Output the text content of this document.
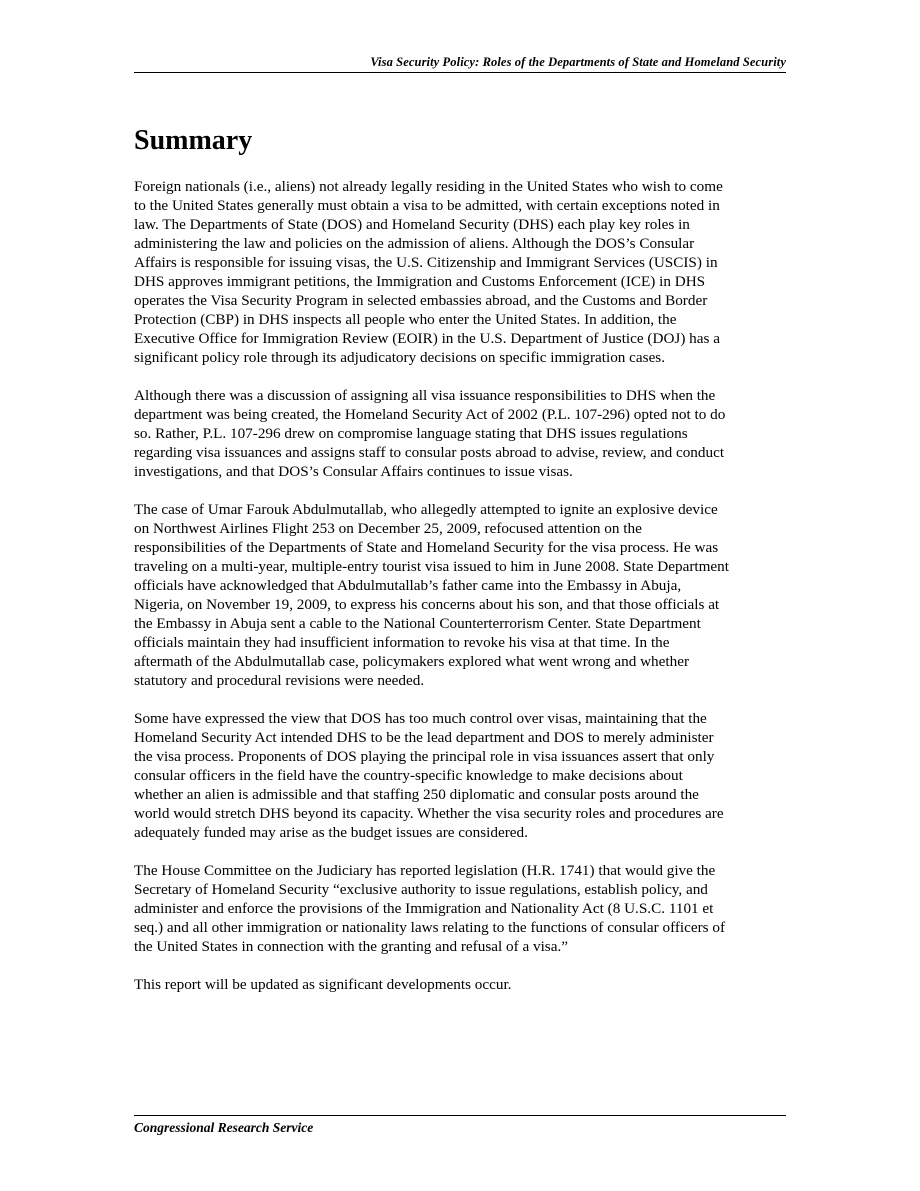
Visa Security Policy: Roles of the Departments of State and Homeland Security
Summary

Foreign nationals (i.e., aliens) not already legally residing in the United States who wish to come
to the United States generally must obtain a visa to be admitted, with certain exceptions noted in
law. The Departments of State (DOS) and Homeland Security (DHS) each play key roles in
administering the law and policies on the admission of aliens. Although the DOS’s Consular
Affairs is responsible for issuing visas, the U.S. Citizenship and Immigrant Services (USCIS) in
DHS approves immigrant petitions, the Immigration and Customs Enforcement (ICE) in DHS
operates the Visa Security Program in selected embassies abroad, and the Customs and Border
Protection (CBP) in DHS inspects all people who enter the United States. In addition, the
Executive Office for Immigration Review (EOIR) in the U.S. Department of Justice (DOJ) has a
significant policy role through its adjudicatory decisions on specific immigration cases.

Although there was a discussion of assigning all visa issuance responsibilities to DHS when the
department was being created, the Homeland Security Act of 2002 (P.L. 107-296) opted not to do
so. Rather, P.L. 107-296 drew on compromise language stating that DHS issues regulations
regarding visa issuances and assigns staff to consular posts abroad to advise, review, and conduct
investigations, and that DOS’s Consular Affairs continues to issue visas.

The case of Umar Farouk Abdulmutallab, who allegedly attempted to ignite an explosive device
on Northwest Airlines Flight 253 on December 25, 2009, refocused attention on the
responsibilities of the Departments of State and Homeland Security for the visa process. He was
traveling on a multi-year, multiple-entry tourist visa issued to him in June 2008. State Department
officials have acknowledged that Abdulmutallab’s father came into the Embassy in Abuja,
Nigeria, on November 19, 2009, to express his concerns about his son, and that those officials at
the Embassy in Abuja sent a cable to the National Counterterrorism Center. State Department
officials maintain they had insufficient information to revoke his visa at that time. In the
aftermath of the Abdulmutallab case, policymakers explored what went wrong and whether
statutory and procedural revisions were needed.

Some have expressed the view that DOS has too much control over visas, maintaining that the
Homeland Security Act intended DHS to be the lead department and DOS to merely administer
the visa process. Proponents of DOS playing the principal role in visa issuances assert that only
consular officers in the field have the country-specific knowledge to make decisions about
whether an alien is admissible and that staffing 250 diplomatic and consular posts around the
world would stretch DHS beyond its capacity. Whether the visa security roles and procedures are
adequately funded may arise as the budget issues are considered.

The House Committee on the Judiciary has reported legislation (H.R. 1741) that would give the
Secretary of Homeland Security “exclusive authority to issue regulations, establish policy, and
administer and enforce the provisions of the Immigration and Nationality Act (8 U.S.C. 1101 et
seq.) and all other immigration or nationality laws relating to the functions of consular officers of
the United States in connection with the granting and refusal of a visa.”

This report will be updated as significant developments occur.

Congressional Research Service
